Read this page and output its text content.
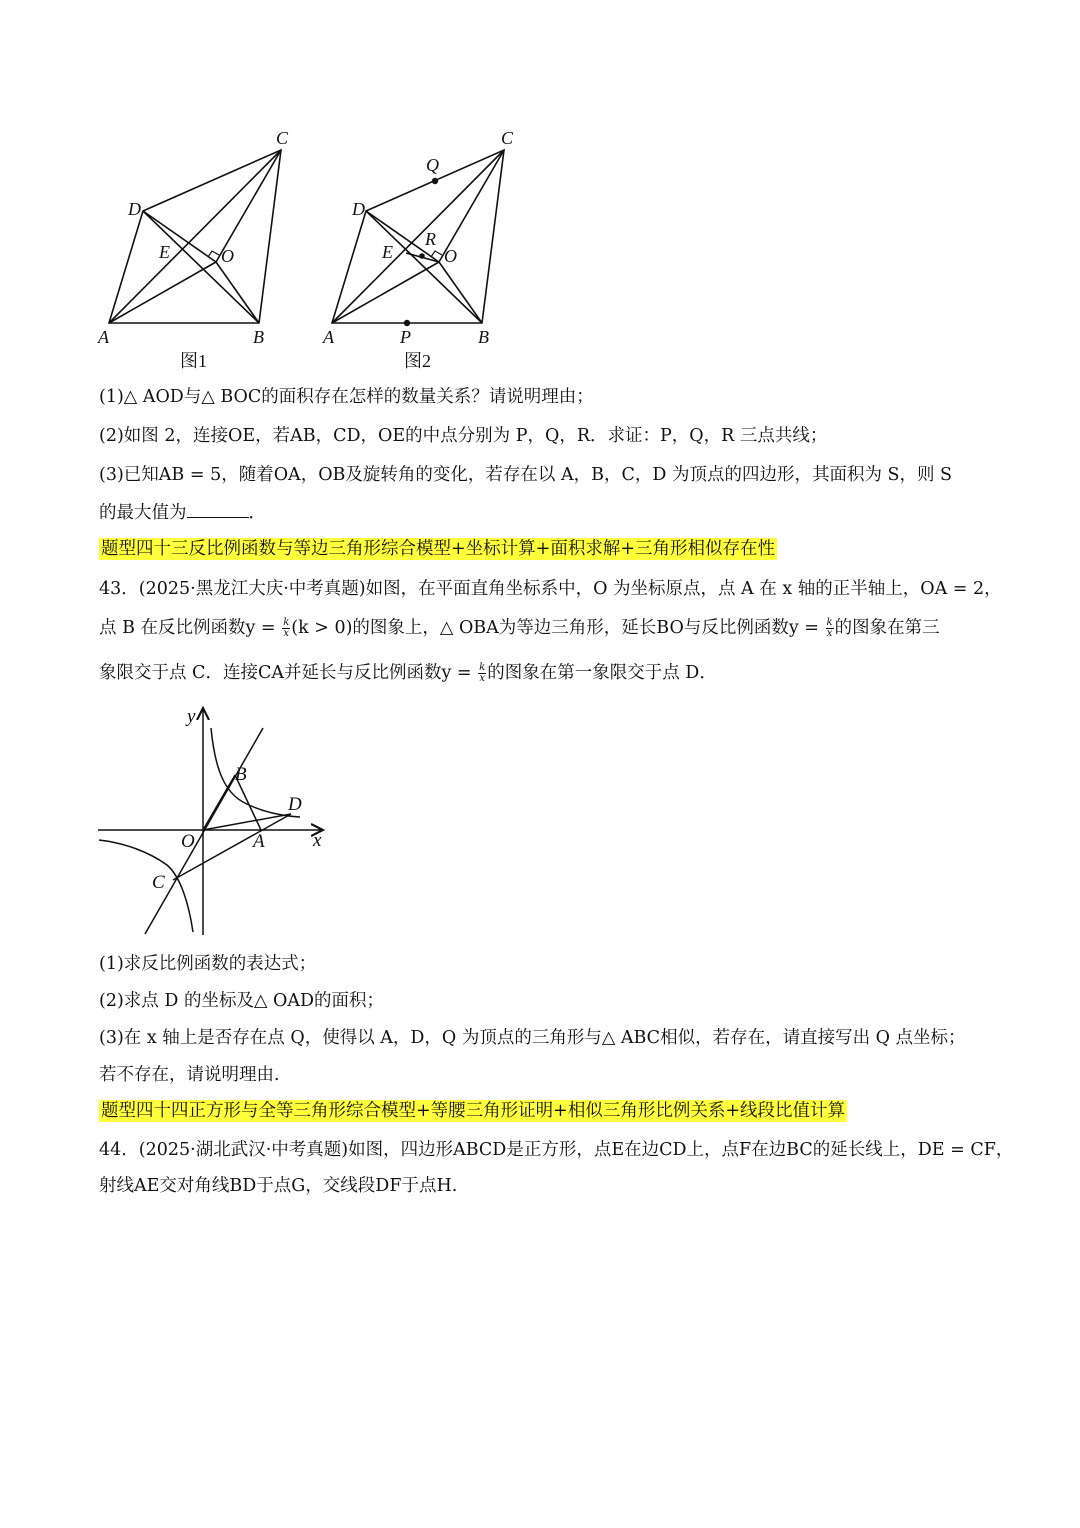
A	B
C
D
E	O
图1
A	B
C
D
E	O
P
Q
R
图2
(1)△ AOD与△ BOC的面积存在怎样的数量关系？请说明理由；
(2)如图 2，连接OE，若AB，CD，OE的中点分别为 P，Q，R．求证：P，Q，R 三点共线；
(3)已知AB = 5，随着OA，OB及旋转角的变化，若存在以 A，B，C，D 为顶点的四边形，其面积为 S，则 S
的最大值为	．
题型四十三反比例函数与等边三角形综合模型+坐标计算+面积求解+三角形相似存在性
43．(2025·黑龙江大庆·中考真题)如图，在平面直角坐标系中，O 为坐标原点，点 A 在 x 轴的正半轴上，OA = 2，
点 B 在反比例函数$y = \frac{k}{x} (k > 0)$的图象上，△ OBA为等边三角形，延长BO与反比例函数$y = \frac{k}{x}$ 的图象在第三
象限交于点 C．连接CA并延长与反比例函数$y = \frac{k}{x}$ 的图象在第一象限交于点 D．
y
x
O	A
B
C
D
(1)求反比例函数的表达式；
(2)求点 D 的坐标及△ OAD的面积；
(3)在 x 轴上是否存在点 Q，使得以 A，D，Q 为顶点的三角形与△ ABC相似，若存在，请直接写出 Q 点坐标；
若不存在，请说明理由.
题型四十四正方形与全等三角形综合模型+等腰三角形证明+相似三角形比例关系+线段比值计算
44．(2025·湖北武汉·中考真题)如图，四边形ABCD是正方形，点E在边CD上，点F在边BC的延长线上，DE = CF，
射线AE交对角线BD于点G，交线段DF于点H.
